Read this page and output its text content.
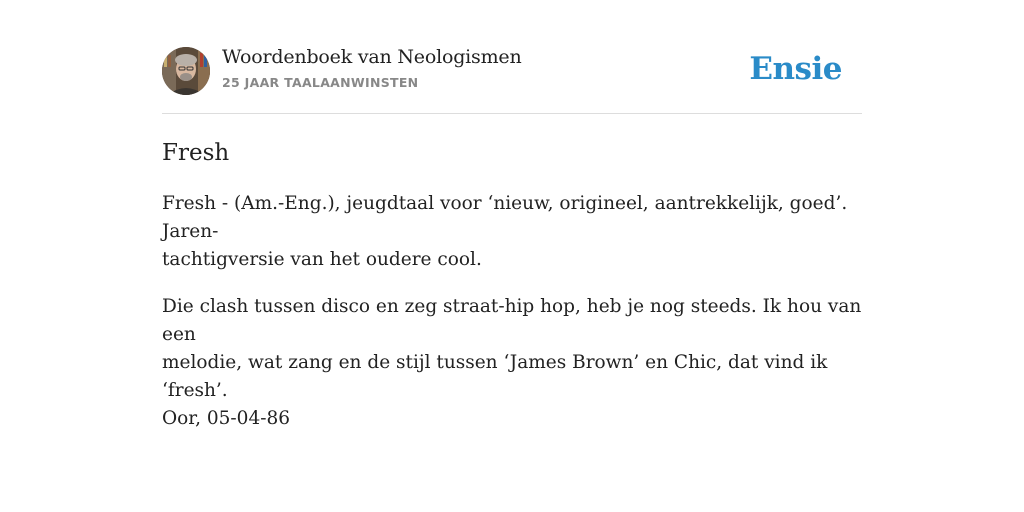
Woordenboek van Neologismen
25 JAAR TAALAANWINSTEN	Ensie
Fresh
Fresh - (Am.-Eng.), jeugdtaal voor ‘nieuw, origineel, aantrekkelijk, goed’. Jaren-
tachtigversie van het oudere cool.
Die clash tussen disco en zeg straat-hip hop, heb je nog steeds. Ik hou van een
melodie, wat zang en de stijl tussen ‘James Brown’ en Chic, dat vind ik ‘fresh’.
Oor, 05-04-86
